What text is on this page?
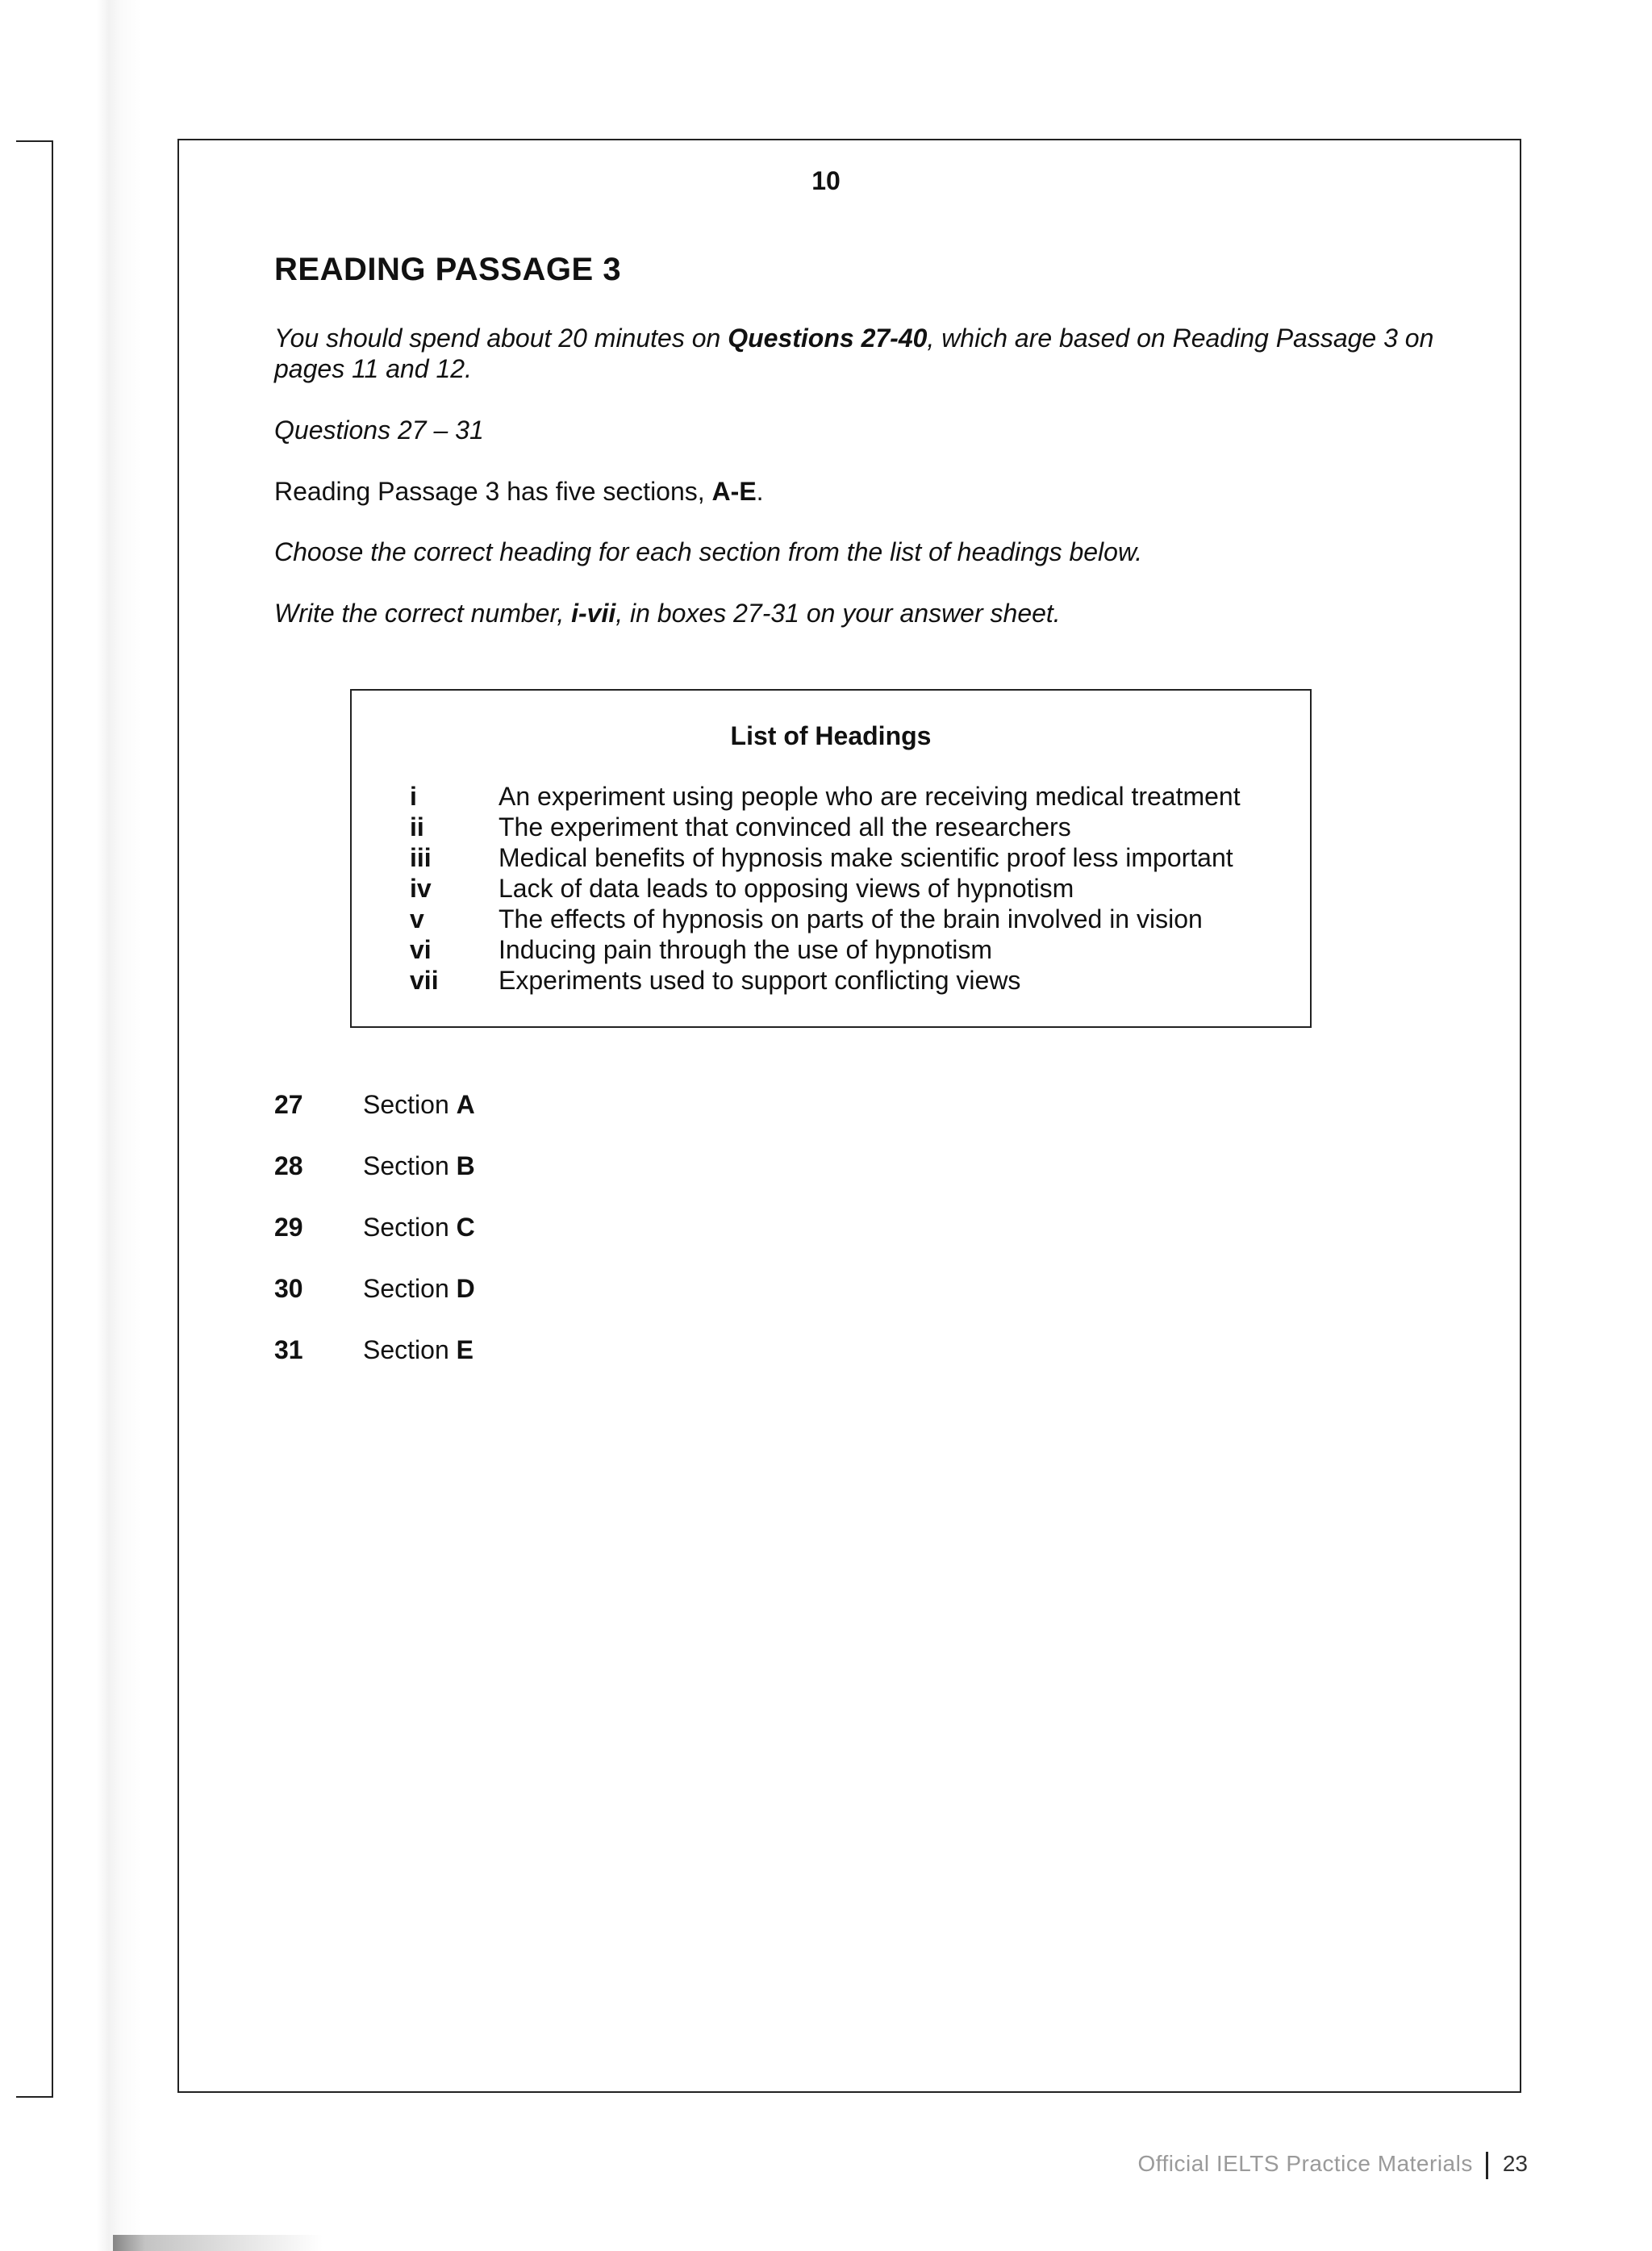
10
READING PASSAGE 3

You should spend about 20 minutes on Questions 27-40, which are based on Reading Passage 3 on pages 11 and 12.

Questions 27 – 31

Reading Passage 3 has five sections, A-E.

Choose the correct heading for each section from the list of headings below.

Write the correct number, i-vii, in boxes 27-31 on your answer sheet.

List of Headings
i	An experiment using people who are receiving medical treatment
ii	The experiment that convinced all the researchers
iii	Medical benefits of hypnosis make scientific proof less important
iv	Lack of data leads to opposing views of hypnotism
v	The effects of hypnosis on parts of the brain involved in vision
vi	Inducing pain through the use of hypnotism
vii Experiments used to support conflicting views
27 Section A
28 Section B
29 Section C
30 Section D
31 Section E
Official IELTS Practice Materials 23
